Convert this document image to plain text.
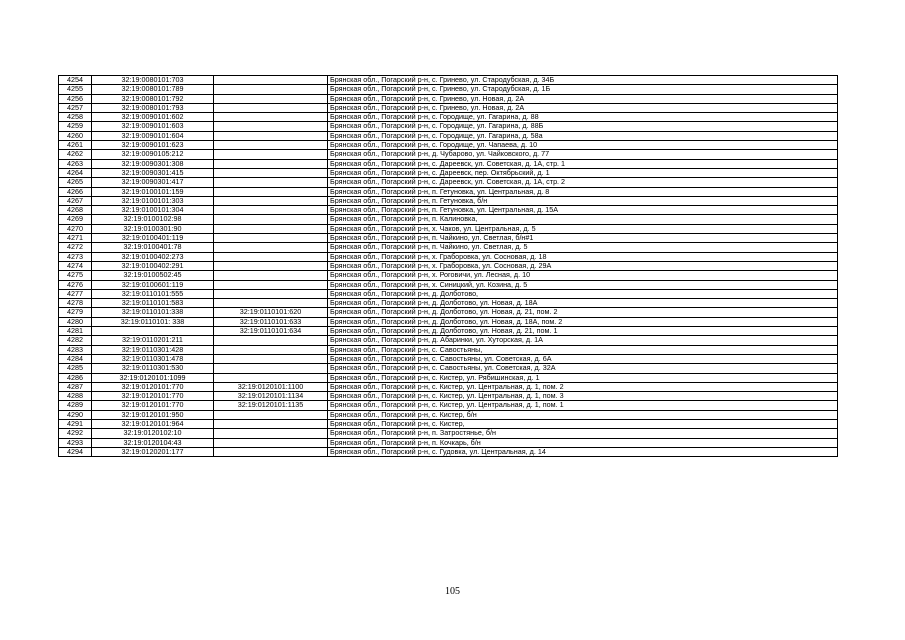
4254	32:19:0080101:703		Брянская обл., Погарский р-н, с. Гринево, ул. Стародубская, д. 34Б
4255	32:19:0080101:789		Брянская обл., Погарский р-н, с. Гринево, ул. Стародубская, д. 1Б
4256	32:19:0080101:792		Брянская обл., Погарский р-н, с. Гринево, ул. Новая, д. 2А
4257	32:19:0080101:793		Брянская обл., Погарский р-н, с. Гринево, ул. Новая, д. 2А
4258	32:19:0090101:602		Брянская обл., Погарский р-н, с. Городище, ул. Гагарина, д. 88
4259	32:19:0090101:603		Брянская обл., Погарский р-н, с. Городище, ул. Гагарина, д. 88Б
4260	32:19:0090101:604		Брянская обл., Погарский р-н, с. Городище, ул. Гагарина, д. 58а
4261	32:19:0090101:623		Брянская обл., Погарский р-н, с. Городище, ул. Чапаева, д. 10
4262	32:19:0090105:212		Брянская обл., Погарский р-н, д. Чубарово, ул. Чайковского, д. 77
4263	32:19:0090301:308		Брянская обл., Погарский р-н, с. Дареевск, ул. Советская, д. 1А, стр. 1
4264	32:19:0090301:415		Брянская обл., Погарский р-н, с. Дареевск, пер. Октябрьский, д. 1
4265	32:19:0090301:417		Брянская обл., Погарский р-н, с. Дареевск, ул. Советская, д. 1А, стр. 2
4266	32:19:0100101:159		Брянская обл., Погарский р-н, п. Гетуновка, ул. Центральная, д. 8
4267	32:19:0100101:303		Брянская обл., Погарский р-н, п. Гетуновка, б/н
4268	32:19:0100101:304		Брянская обл., Погарский р-н, п. Гетуновка, ул. Центральная, д. 15А
4269	32:19:0100102:98		Брянская обл., Погарский р-н, п. Калиновка,
4270	32:19:0100301:90		Брянская обл., Погарский р-н, х. Чаков, ул. Центральная, д. 5
4271	32:19:0100401:119		Брянская обл., Погарский р-н, п. Чайкино, ул. Светлая, б/н#1
4272	32:19:0100401:78		Брянская обл., Погарский р-н, п. Чайкино, ул. Светлая, д. 5
4273	32:19:0100402:273		Брянская обл., Погарский р-н, х. Граборовка, ул. Сосновая, д. 18
4274	32:19:0100402:291		Брянская обл., Погарский р-н, х. Граборовка, ул. Сосновая, д. 29А
4275	32:19:0100502:45		Брянская обл., Погарский р-н, х. Роговичи, ул. Лесная, д. 10
4276	32:19:0100601:119		Брянская обл., Погарский р-н, х. Синицкий, ул. Козина, д. 5
4277	32:19:0110101:555		Брянская обл., Погарский р-н, д. Долботово,
4278	32:19:0110101:583		Брянская обл., Погарский р-н, д. Долботово, ул. Новая, д. 18А
4279	32:19:0110101:338	32:19:0110101:620	Брянская обл., Погарский р-н, д. Долботово, ул. Новая, д. 21, пом. 2
4280	32:19:0110101: 338	32:19:0110101:633	Брянская обл., Погарский р-н, д. Долботово, ул. Новая, д. 18А, пом. 2
4281		32:19:0110101:634	Брянская обл., Погарский р-н, д. Долботово, ул. Новая, д. 21, пом. 1
4282	32:19:0110201:211		Брянская обл., Погарский р-н, д. Абаринки, ул. Хуторская, д. 1А
4283	32:19:0110301:428		Брянская обл., Погарский р-н, с. Савостьяны,
4284	32:19:0110301:478		Брянская обл., Погарский р-н, с. Савостьяны, ул. Советская, д. 6А
4285	32:19:0110301:530		Брянская обл., Погарский р-н, с. Савостьяны, ул. Советская, д. 32А
4286	32:19:0120101:1099		Брянская обл., Погарский р-н, с. Кистер, ул. Рябишинская, д. 1
4287	32:19:0120101:770	32:19:0120101:1100	Брянская обл., Погарский р-н, с. Кистер, ул. Центральная, д. 1, пом. 2
4288	32:19:0120101:770	32:19:0120101:1134	Брянская обл., Погарский р-н, с. Кистер, ул. Центральная, д. 1, пом. 3
4289	32:19:0120101:770	32:19:0120101:1135	Брянская обл., Погарский р-н, с. Кистер, ул. Центральная, д. 1, пом. 1
4290	32:19:0120101:950		Брянская обл., Погарский р-н, с. Кистер, б/н
4291	32:19:0120101:964		Брянская обл., Погарский р-н, с. Кистер,
4292	32:19:0120102:10		Брянская обл., Погарский р-н, п. Затростянье, б/н
4293	32:19:0120104:43		Брянская обл., Погарский р-н, п. Кочкарь, б/н
4294	32:19:0120201:177		Брянская обл., Погарский р-н, с. Гудовка, ул. Центральная, д. 14
105
